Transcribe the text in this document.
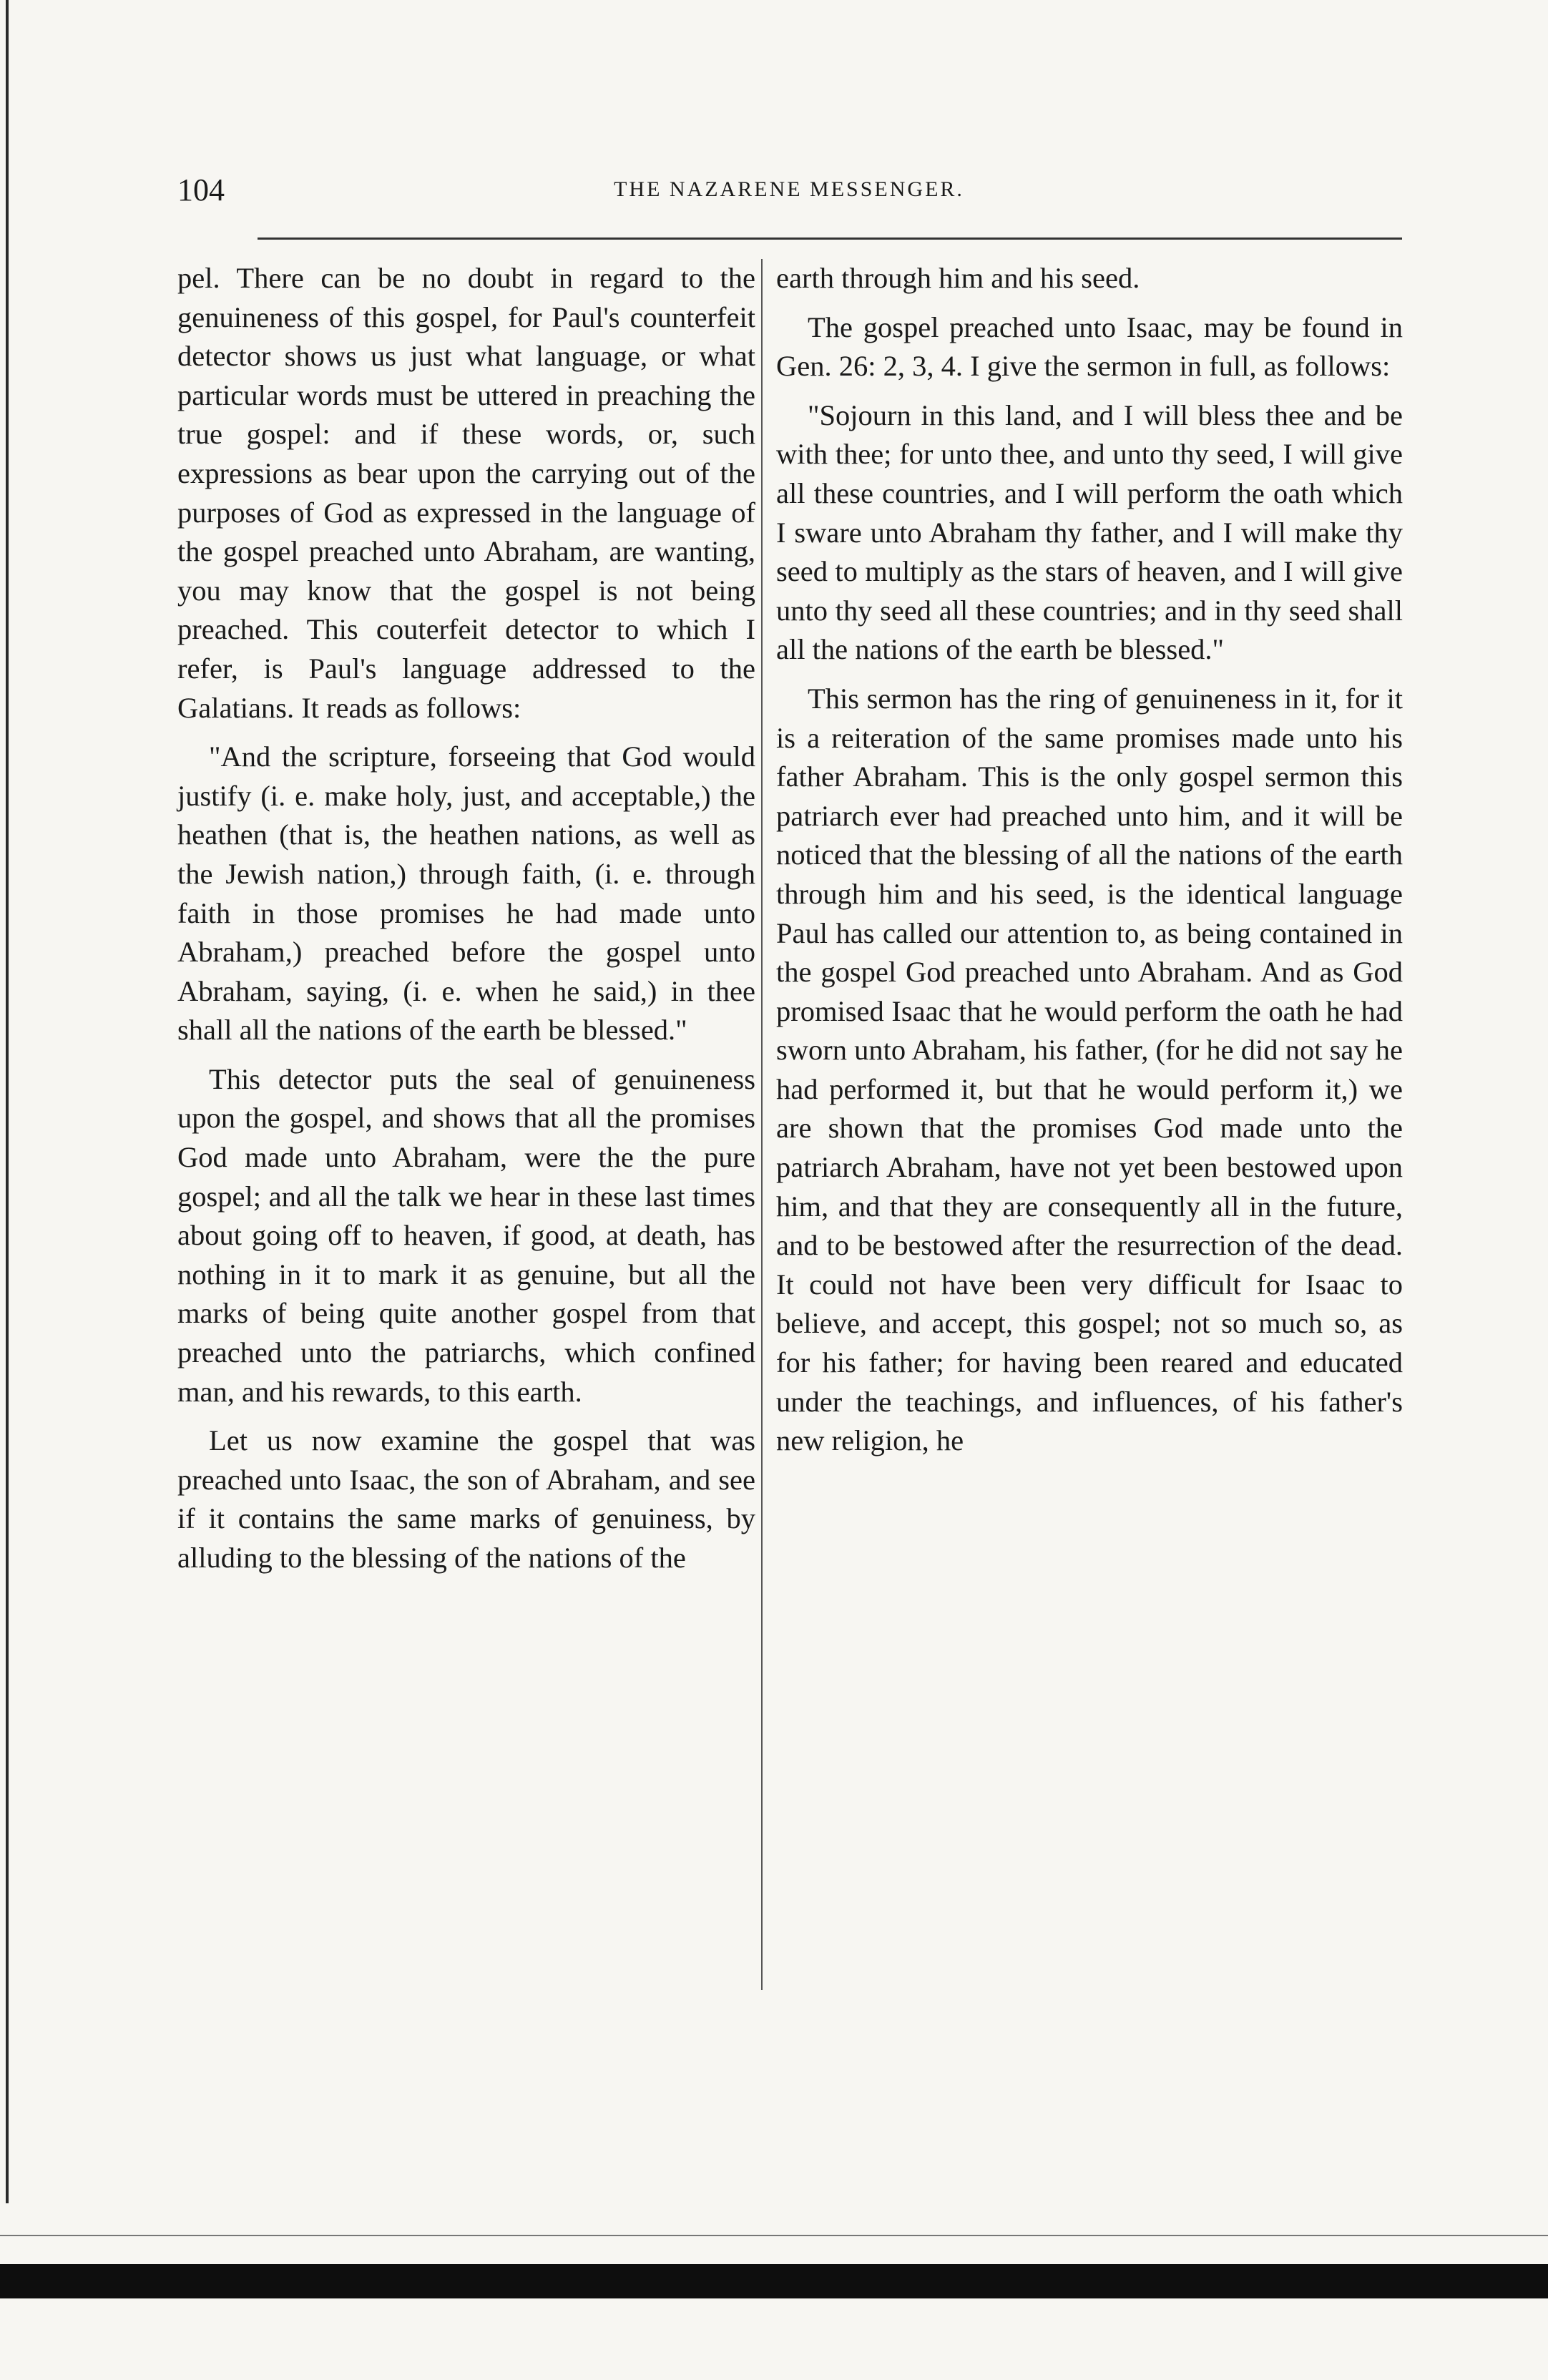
104	THE NAZARENE MESSENGER.

pel. There can be no doubt in regard to the genuineness of this gospel, for Paul's counterfeit detector shows us just what language, or what particular words must be uttered in preaching the true gospel: and if these words, or, such expressions as bear upon the carrying out of the purposes of God as expressed in the language of the gospel preached unto Abraham, are wanting, you may know that the gospel is not being preached. This couterfeit detector to which I refer, is Paul's language addressed to the Galatians. It reads as follows:

"And the scripture, forseeing that God would justify (i. e. make holy, just, and acceptable,) the heathen (that is, the heathen nations, as well as the Jewish nation,) through faith, (i. e. through faith in those promises he had made unto Abraham,) preached before the gospel unto Abraham, saying, (i. e. when he said,) in thee shall all the nations of the earth be blessed."

This detector puts the seal of genuineness upon the gospel, and shows that all the promises God made unto Abraham, were the the pure gospel; and all the talk we hear in these last times about going off to heaven, if good, at death, has nothing in it to mark it as genuine, but all the marks of being quite another gospel from that preached unto the patriarchs, which confined man, and his rewards, to this earth.

Let us now examine the gospel that was preached unto Isaac, the son of Abraham, and see if it contains the same marks of genuiness, by alluding to the blessing of the nations of the

earth through him and his seed.

The gospel preached unto Isaac, may be found in Gen. 26: 2, 3, 4. I give the sermon in full, as follows:

"Sojourn in this land, and I will bless thee and be with thee; for unto thee, and unto thy seed, I will give all these countries, and I will perform the oath which I sware unto Abraham thy father, and I will make thy seed to multiply as the stars of heaven, and I will give unto thy seed all these countries; and in thy seed shall all the nations of the earth be blessed."

This sermon has the ring of genuineness in it, for it is a reiteration of the same promises made unto his father Abraham. This is the only gospel sermon this patriarch ever had preached unto him, and it will be noticed that the blessing of all the nations of the earth through him and his seed, is the identical language Paul has called our attention to, as being contained in the gospel God preached unto Abraham. And as God promised Isaac that he would perform the oath he had sworn unto Abraham, his father, (for he did not say he had performed it, but that he would perform it,) we are shown that the promises God made unto the patriarch Abraham, have not yet been bestowed upon him, and that they are consequently all in the future, and to be bestowed after the resurrection of the dead. It could not have been very difficult for Isaac to believe, and accept, this gospel; not so much so, as for his father; for having been reared and educated under the teachings, and influences, of his father's new religion, he
